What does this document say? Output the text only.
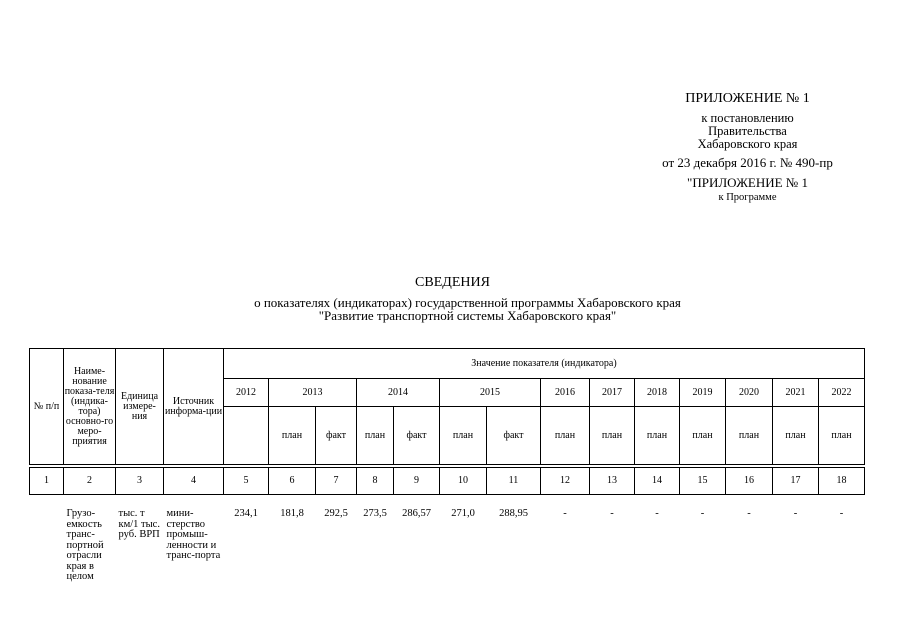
ПРИЛОЖЕНИЕ № 1
к постановлению
Правительства
Хабаровского края
от 23 декабря 2016 г. № 490-пр
"ПРИЛОЖЕНИЕ № 1
к Программе
СВЕДЕНИЯ
о показателях (индикаторах) государственной программы Хабаровского края
"Развитие транспортной системы Хабаровского края"
№ п/п	Наиме-нование показа-теля (индика-тора) основно-го меро-приятия	Единица измере-ния	Источник информа-ции	Значение показателя (индикатора)													
				2012	2013		2014		2015		2016	2017	2018	2019	2020	2021	2022
					план	факт	план	факт	план	факт	план	план	план	план	план	план	план

1	2	3	4	5	6	7	8	9	10	11	12	13	14	15	16	17	18

	Грузо-емкость транс-портной отрасли края в целом	тыс. т км/1 тыс. руб. ВРП	мини-стерство промыш-ленности и транс-порта	234,1	181,8	292,5	273,5	286,57	271,0	288,95	-	-	-	-	-	-	-
